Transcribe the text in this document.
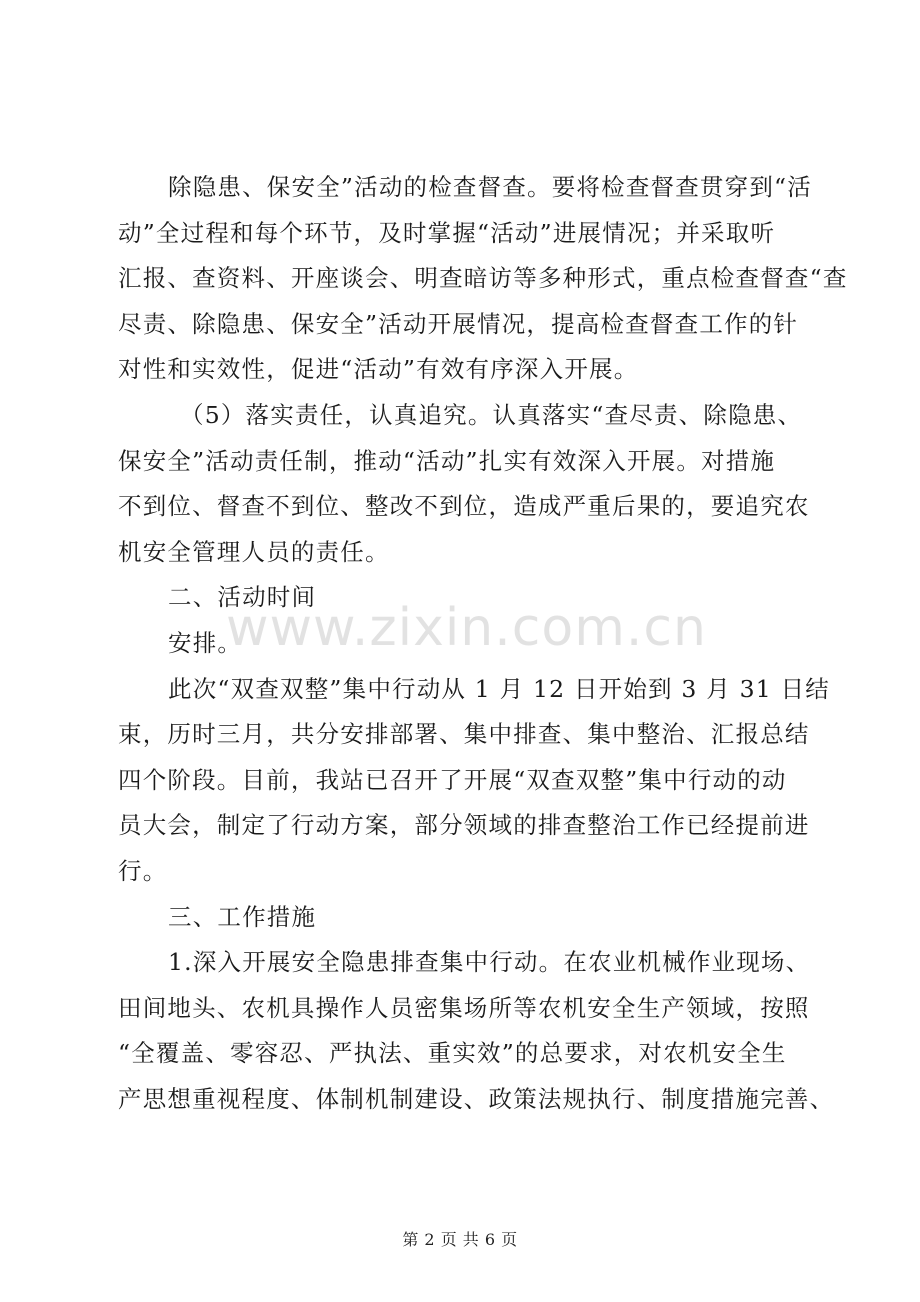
除隐患、保安全”活动的检查督查。要将检查督查贯穿到“活
动”全过程和每个环节，及时掌握“活动”进展情况；并采取听
汇报、查资料、开座谈会、明查暗访等多种形式，重点检查督查“查
尽责、除隐患、保安全”活动开展情况，提高检查督查工作的针
对性和实效性，促进“活动”有效有序深入开展。
（5）落实责任，认真追究。认真落实“查尽责、除隐患、
保安全”活动责任制，推动“活动”扎实有效深入开展。对措施
不到位、督查不到位、整改不到位，造成严重后果的，要追究农
机安全管理人员的责任。
二、活动时间
安排。
此次“双查双整”集中行动从 1 月 12 日开始到 3 月 31 日结
束，历时三月，共分安排部署、集中排查、集中整治、汇报总结
四个阶段。目前，我站已召开了开展“双查双整”集中行动的动
员大会，制定了行动方案，部分领域的排查整治工作已经提前进
行。
三、工作措施
1.深入开展安全隐患排查集中行动。在农业机械作业现场、
田间地头、农机具操作人员密集场所等农机安全生产领域，按照
“全覆盖、零容忍、严执法、重实效”的总要求，对农机安全生
产思想重视程度、体制机制建设、政策法规执行、制度措施完善、
www.zixin.com.cn
第 2 页 共 6 页
